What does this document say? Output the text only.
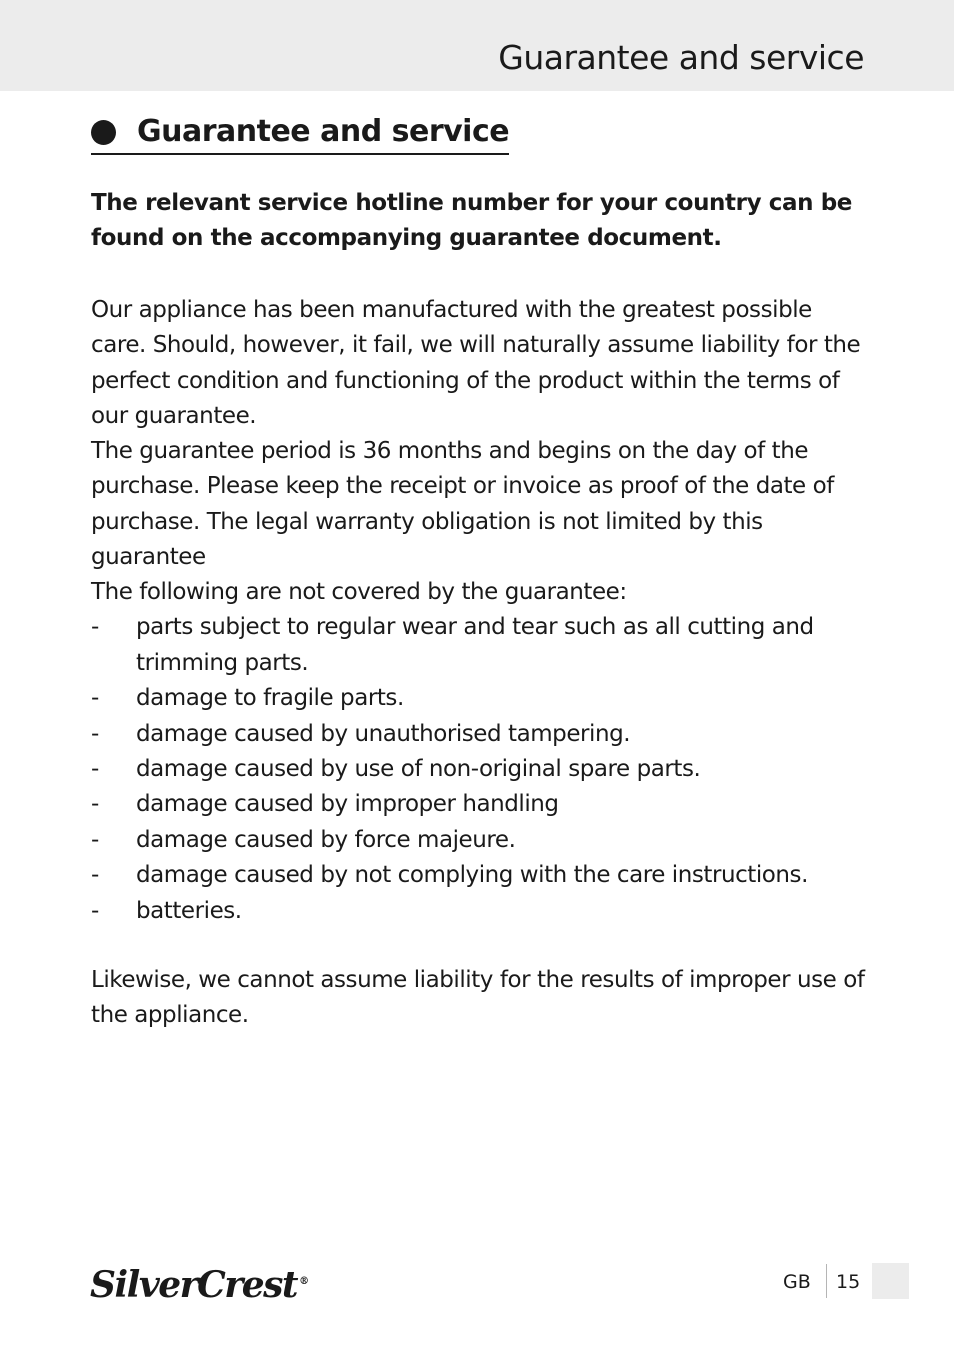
Guarantee and service
Guarantee and service
The relevant service hotline number for your country can be found on the accompanying guarantee document.
Our appliance has been manufactured with the greatest possible care. Should, however, it fail, we will naturally assume liability for the perfect condition and functioning of the product within the terms of our guarantee.
The guarantee period is 36 months and begins on the day of the purchase. Please keep the receipt or invoice as proof of the date of purchase. The legal warranty obligation is not limited by this guarantee
The following are not covered by the guarantee:
- parts subject to regular wear and tear such as all cutting and trimming parts.
- damage to fragile parts.
- damage caused by unauthorised tampering.
- damage caused by use of non-original spare parts.
- damage caused by improper handling
- damage caused by force majeure.
- damage caused by not complying with the care instructions.
- batteries.
Likewise, we cannot assume liability for the results of improper use of the appliance.
SilverCrest ®	GB 15
